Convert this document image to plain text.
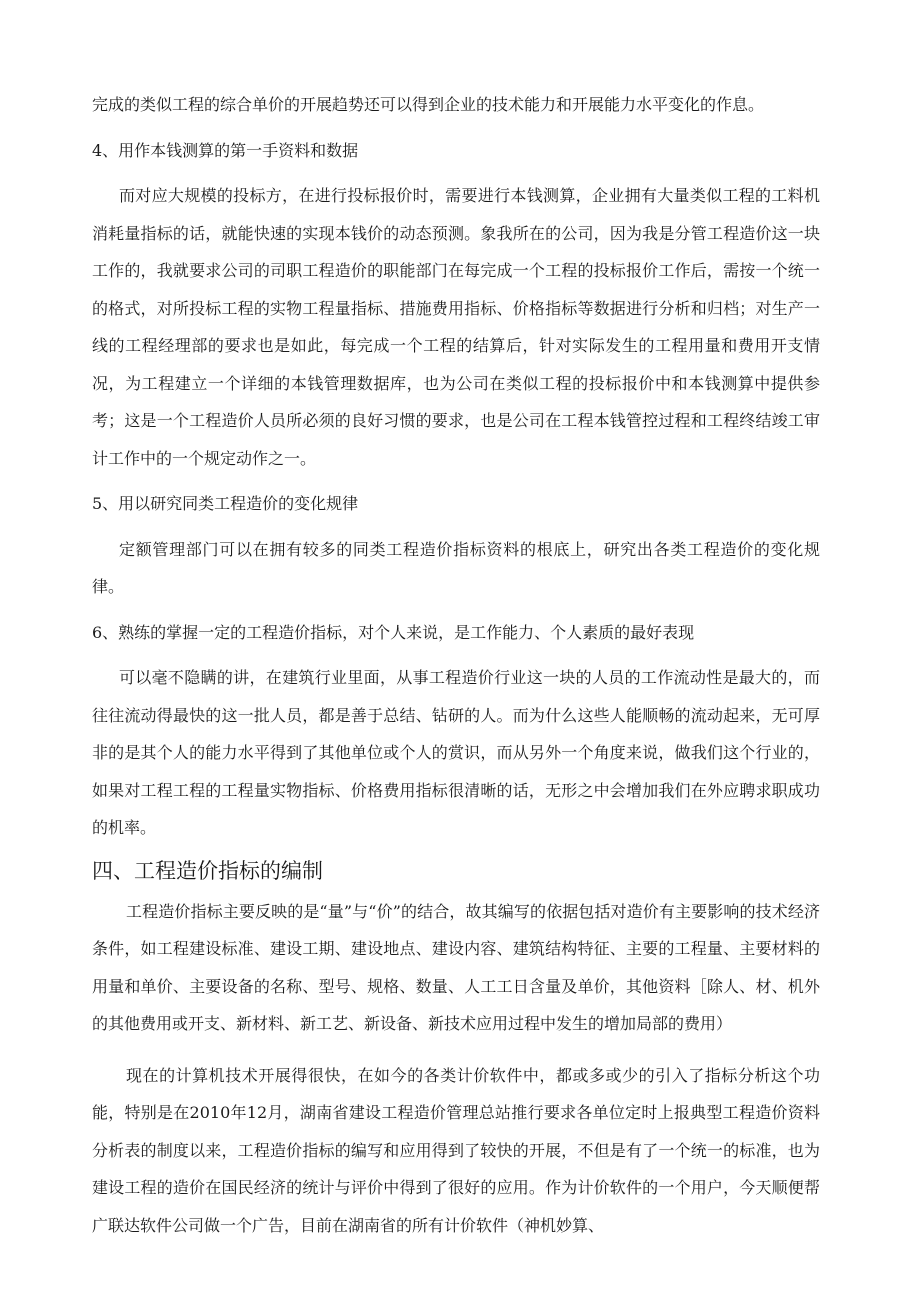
完成的类似工程的综合单价的开展趋势还可以得到企业的技术能力和开展能力水平变化的作息。

4、用作本钱测算的第一手资料和数据

而对应大规模的投标方，在进行投标报价时，需要进行本钱测算，企业拥有大量类似工程的工料机消耗量指标的话，就能快速的实现本钱价的动态预测。象我所在的公司，因为我是分管工程造价这一块工作的，我就要求公司的司职工程造价的职能部门在每完成一个工程的投标报价工作后，需按一个统一的格式，对所投标工程的实物工程量指标、措施费用指标、价格指标等数据进行分析和归档；对生产一线的工程经理部的要求也是如此，每完成一个工程的结算后，针对实际发生的工程用量和费用开支情况，为工程建立一个详细的本钱管理数据库，也为公司在类似工程的投标报价中和本钱测算中提供参考；这是一个工程造价人员所必须的良好习惯的要求，也是公司在工程本钱管控过程和工程终结竣工审计工作中的一个规定动作之一。

5、用以研究同类工程造价的变化规律

定额管理部门可以在拥有较多的同类工程造价指标资料的根底上，研究出各类工程造价的变化规律。

6、熟练的掌握一定的工程造价指标，对个人来说，是工作能力、个人素质的最好表现

可以毫不隐瞒的讲，在建筑行业里面，从事工程造价行业这一块的人员的工作流动性是最大的，而往往流动得最快的这一批人员，都是善于总结、钻研的人。而为什么这些人能顺畅的流动起来，无可厚非的是其个人的能力水平得到了其他单位或个人的赏识，而从另外一个角度来说，做我们这个行业的，如果对工程工程的工程量实物指标、价格费用指标很清晰的话，无形之中会增加我们在外应聘求职成功的机率。

四、工程造价指标的编制

工程造价指标主要反映的是“量”与“价”的结合，故其编写的依据包括对造价有主要影响的技术经济条件，如工程建设标准、建设工期、建设地点、建设内容、建筑结构特征、主要的工程量、主要材料的用量和单价、主要设备的名称、型号、规格、数量、人工工日含量及单价，其他资料［除人、材、机外的其他费用或开支、新材料、新工艺、新设备、新技术应用过程中发生的增加局部的费用）

现在的计算机技术开展得很快，在如今的各类计价软件中，都或多或少的引入了指标分析这个功能，特别是在2010年12月，湖南省建设工程造价管理总站推行要求各单位定时上报典型工程造价资料分析表的制度以来，工程造价指标的编写和应用得到了较快的开展，不但是有了一个统一的标准，也为建设工程的造价在国民经济的统计与评价中得到了很好的应用。作为计价软件的一个用户，今天顺便帮广联达软件公司做一个广告，目前在湖南省的所有计价软件（神机妙算、
